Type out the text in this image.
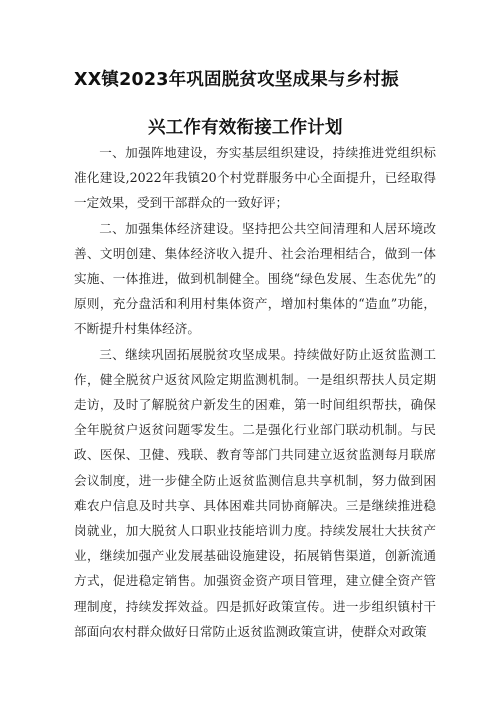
XX镇2023年巩固脱贫攻坚成果与乡村振
兴工作有效衔接工作计划

一、加强阵地建设，夯实基层组织建设，持续推进党组织标准化建设,2022年我镇20个村党群服务中心全面提升，已经取得一定效果，受到干部群众的一致好评；

二、加强集体经济建设。坚持把公共空间清理和人居环境改善、文明创建、集体经济收入提升、社会治理相结合，做到一体实施、一体推进，做到机制健全。围绕“绿色发展、生态优先”的原则，充分盘活和利用村集体资产，增加村集体的“造血”功能，不断提升村集体经济。

三、继续巩固拓展脱贫攻坚成果。持续做好防止返贫监测工作，健全脱贫户返贫风险定期监测机制。一是组织帮扶人员定期走访，及时了解脱贫户新发生的困难，第一时间组织帮扶，确保全年脱贫户返贫问题零发生。二是强化行业部门联动机制。与民政、医保、卫健、残联、教育等部门共同建立返贫监测每月联席会议制度，进一步健全防止返贫监测信息共享机制，努力做到困难农户信息及时共享、具体困难共同协商解决。三是继续推进稳岗就业，加大脱贫人口职业技能培训力度。持续发展壮大扶贫产业，继续加强产业发展基础设施建设，拓展销售渠道，创新流通方式，促进稳定销售。加强资金资产项目管理，建立健全资产管理制度，持续发挥效益。四是抓好政策宣传。进一步组织镇村干部面向农村群众做好日常防止返贫监测政策宣讲，使群众对政策
